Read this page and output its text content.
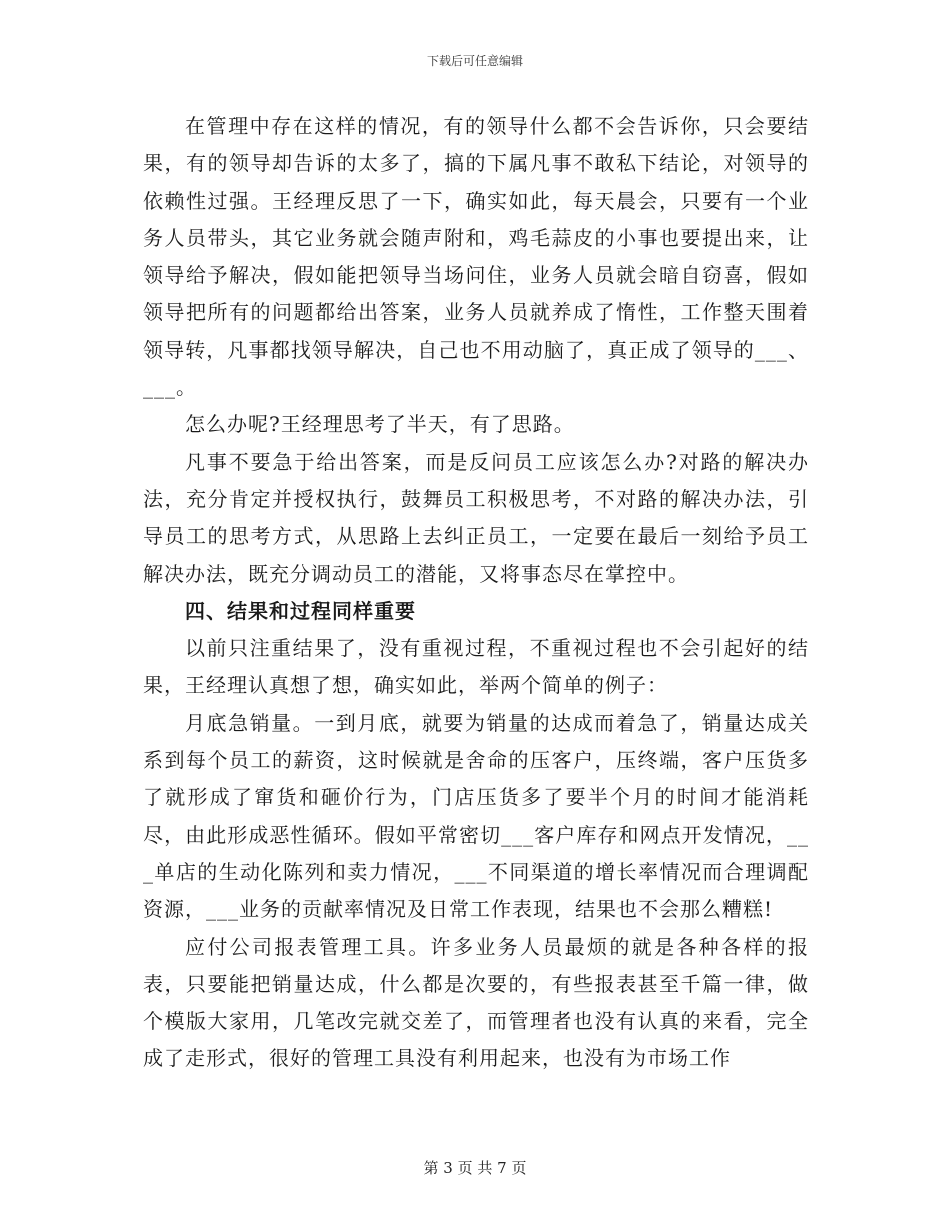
下载后可任意编辑

在管理中存在这样的情况，有的领导什么都不会告诉你，只会要结果，有的领导却告诉的太多了，搞的下属凡事不敢私下结论，对领导的依赖性过强。王经理反思了一下，确实如此，每天晨会，只要有一个业务人员带头，其它业务就会随声附和，鸡毛蒜皮的小事也要提出来，让领导给予解决，假如能把领导当场问住，业务人员就会暗自窃喜，假如领导把所有的问题都给出答案，业务人员就养成了惰性，工作整天围着领导转，凡事都找领导解决，自己也不用动脑了，真正成了领导的___、___。

怎么办呢?王经理思考了半天，有了思路。

凡事不要急于给出答案，而是反问员工应该怎么办?对路的解决办法，充分肯定并授权执行，鼓舞员工积极思考，不对路的解决办法，引导员工的思考方式，从思路上去纠正员工，一定要在最后一刻给予员工解决办法，既充分调动员工的潜能，又将事态尽在掌控中。

四、结果和过程同样重要

以前只注重结果了，没有重视过程，不重视过程也不会引起好的结果，王经理认真想了想，确实如此，举两个简单的例子：

月底急销量。一到月底，就要为销量的达成而着急了，销量达成关系到每个员工的薪资，这时候就是舍命的压客户，压终端，客户压货多了就形成了窜货和砸价行为，门店压货多了要半个月的时间才能消耗尽，由此形成恶性循环。假如平常密切___客户库存和网点开发情况，___单店的生动化陈列和卖力情况，___不同渠道的增长率情况而合理调配资源，___业务的贡献率情况及日常工作表现，结果也不会那么糟糕!

应付公司报表管理工具。许多业务人员最烦的就是各种各样的报表，只要能把销量达成，什么都是次要的，有些报表甚至千篇一律，做个模版大家用，几笔改完就交差了，而管理者也没有认真的来看，完全成了走形式，很好的管理工具没有利用起来，也没有为市场工作

第 3 页 共 7 页
